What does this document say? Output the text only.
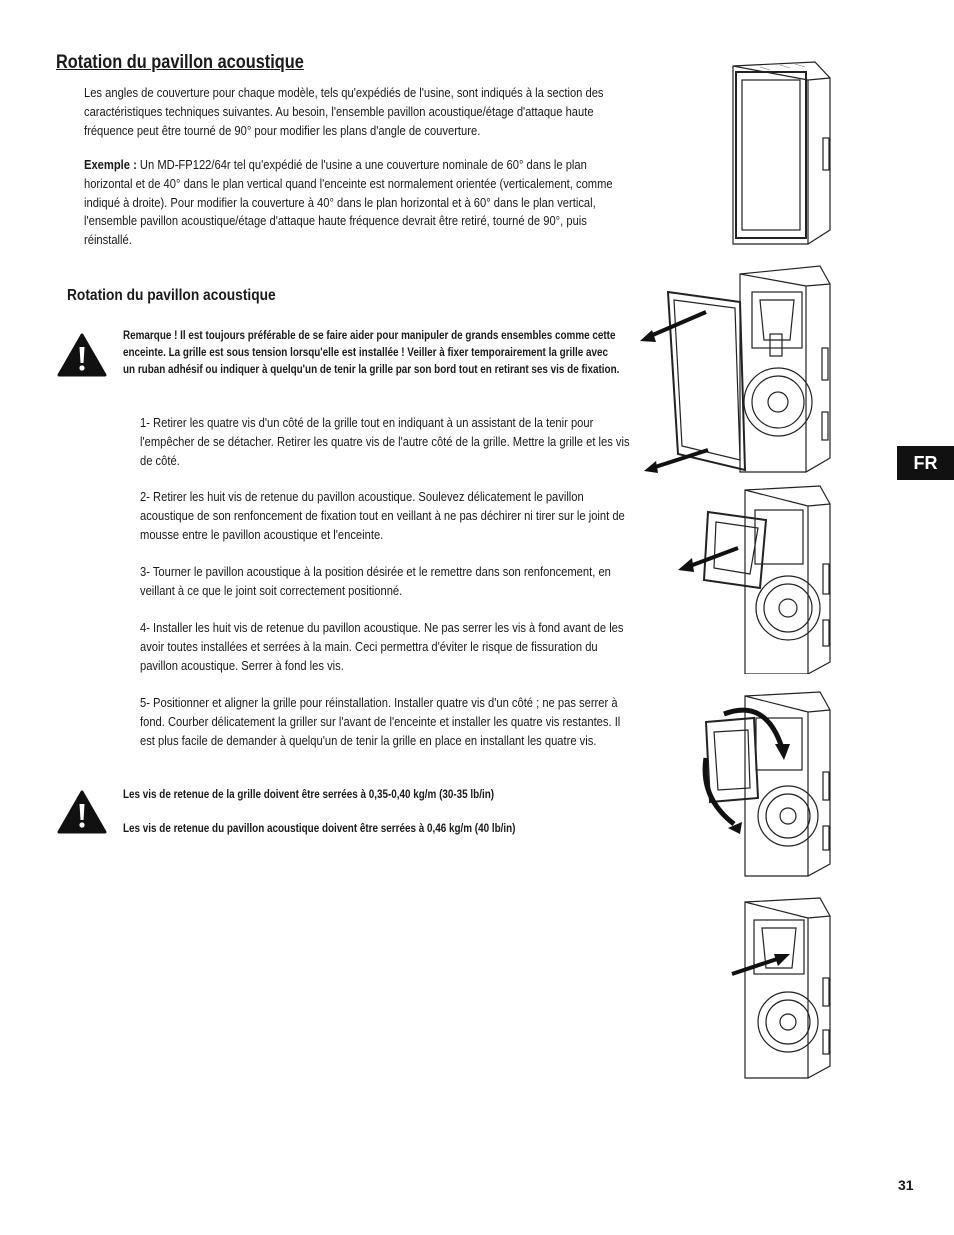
Rotation du pavillon acoustique

Les angles de couverture pour chaque modèle, tels qu'expédiés de l'usine, sont indiqués à la section des caractéristiques techniques suivantes. Au besoin, l'ensemble pavillon acoustique/étage d'attaque haute fréquence peut être tourné de 90° pour modifier les plans d'angle de couverture.

Exemple : Un MD-FP122/64r tel qu'expédié de l'usine a une couverture nominale de 60° dans le plan horizontal et de 40° dans le plan vertical quand l'enceinte est normalement orientée (verticalement, comme indiqué à droite). Pour modifier la couverture à 40° dans le plan horizontal et à 60° dans le plan vertical, l'ensemble pavillon acoustique/étage d'attaque haute fréquence devrait être retiré, tourné de 90°, puis réinstallé.

Rotation du pavillon acoustique

Remarque ! Il est toujours préférable de se faire aider pour manipuler de grands ensembles comme cette enceinte. La grille est sous tension lorsqu'elle est installée ! Veiller à fixer temporairement la grille avec un ruban adhésif ou indiquer à quelqu'un de tenir la grille par son bord tout en retirant ses vis de fixation.

1- Retirer les quatre vis d'un côté de la grille tout en indiquant à un assistant de la tenir pour l'empêcher de se détacher. Retirer les quatre vis de l'autre côté de la grille. Mettre la grille et les vis de côté.

2- Retirer les huit vis de retenue du pavillon acoustique. Soulevez délicatement le pavillon acoustique de son renfoncement de fixation tout en veillant à ne pas déchirer ni tirer sur le joint de mousse entre le pavillon acoustique et l'enceinte.

3- Tourner le pavillon acoustique à la position désirée et le remettre dans son renfoncement, en veillant à ce que le joint soit correctement positionné.

4- Installer les huit vis de retenue du pavillon acoustique. Ne pas serrer les vis à fond avant de les avoir toutes installées et serrées à la main. Ceci permettra d'éviter le risque de fissuration du pavillon acoustique. Serrer à fond les vis.

5- Positionner et aligner la grille pour réinstallation. Installer quatre vis d'un côté ; ne pas serrer à fond. Courber délicatement la griller sur l'avant de l'enceinte et installer les quatre vis restantes. Il est plus facile de demander à quelqu'un de tenir la grille en place en installant les quatre vis.

Les vis de retenue de la grille doivent être serrées à 0,35-0,40 kg/m (30-35 lb/in)

Les vis de retenue du pavillon acoustique doivent être serrées à 0,46 kg/m (40 lb/in)

FR
31
